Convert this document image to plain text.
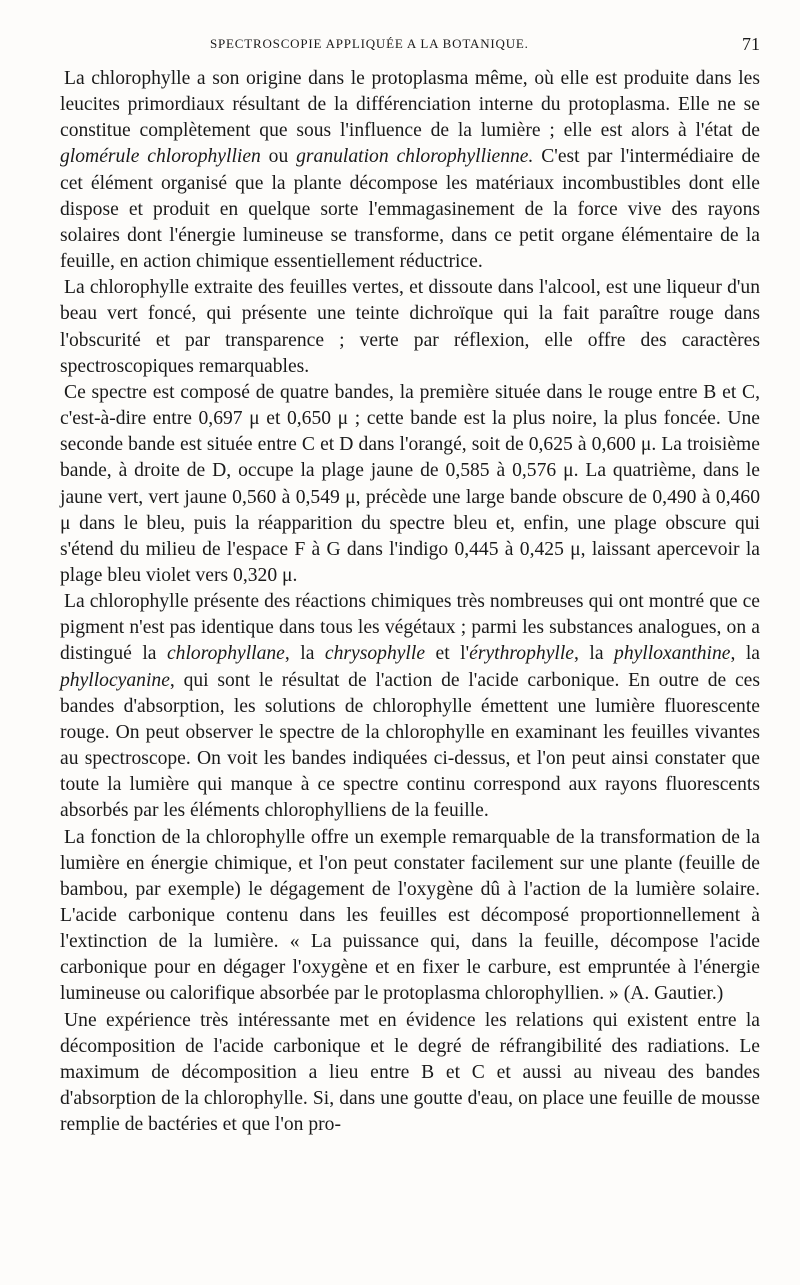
SPECTROSCOPIE APPLIQUÉE A LA BOTANIQUE.	71

La chlorophylle a son origine dans le protoplasma même, où elle est produite dans les leucites primordiaux résultant de la différenciation interne du protoplasma. Elle ne se constitue complètement que sous l'influence de la lumière ; elle est alors à l'état de glomérule chlorophyllien ou granulation chlorophyllienne. C'est par l'intermédiaire de cet élément organisé que la plante décompose les matériaux incombustibles dont elle dispose et produit en quelque sorte l'emmagasinement de la force vive des rayons solaires dont l'énergie lumineuse se transforme, dans ce petit organe élémentaire de la feuille, en action chimique essentiellement réductrice.

La chlorophylle extraite des feuilles vertes, et dissoute dans l'alcool, est une liqueur d'un beau vert foncé, qui présente une teinte dichroïque qui la fait paraître rouge dans l'obscurité et par transparence ; verte par réflexion, elle offre des caractères spectroscopiques remarquables.

Ce spectre est composé de quatre bandes, la première située dans le rouge entre B et C, c'est-à-dire entre 0,697 μ et 0,650 μ ; cette bande est la plus noire, la plus foncée. Une seconde bande est située entre C et D dans l'orangé, soit de 0,625 à 0,600 μ. La troisième bande, à droite de D, occupe la plage jaune de 0,585 à 0,576 μ. La quatrième, dans le jaune vert, vert jaune 0,560 à 0,549 μ, précède une large bande obscure de 0,490 à 0,460 μ dans le bleu, puis la réapparition du spectre bleu et, enfin, une plage obscure qui s'étend du milieu de l'espace F à G dans l'indigo 0,445 à 0,425 μ, laissant apercevoir la plage bleu violet vers 0,320 μ.

La chlorophylle présente des réactions chimiques très nombreuses qui ont montré que ce pigment n'est pas identique dans tous les végétaux ; parmi les substances analogues, on a distingué la chlorophyllane, la chrysophylle et l'érythrophylle, la phylloxanthine, la phyllocyanine, qui sont le résultat de l'action de l'acide carbonique. En outre de ces bandes d'absorption, les solutions de chlorophylle émettent une lumière fluorescente rouge. On peut observer le spectre de la chlorophylle en examinant les feuilles vivantes au spectroscope. On voit les bandes indiquées ci-dessus, et l'on peut ainsi constater que toute la lumière qui manque à ce spectre continu correspond aux rayons fluorescents absorbés par les éléments chlorophylliens de la feuille.

La fonction de la chlorophylle offre un exemple remarquable de la transformation de la lumière en énergie chimique, et l'on peut constater facilement sur une plante (feuille de bambou, par exemple) le dégagement de l'oxygène dû à l'action de la lumière solaire. L'acide carbonique contenu dans les feuilles est décomposé proportionnellement à l'extinction de la lumière. « La puissance qui, dans la feuille, décompose l'acide carbonique pour en dégager l'oxygène et en fixer le carbure, est empruntée à l'énergie lumineuse ou calorifique absorbée par le protoplasma chlorophyllien. » (A. Gautier.)

Une expérience très intéressante met en évidence les relations qui existent entre la décomposition de l'acide carbonique et le degré de réfrangibilité des radiations. Le maximum de décomposition a lieu entre B et C et aussi au niveau des bandes d'absorption de la chlorophylle. Si, dans une goutte d'eau, on place une feuille de mousse remplie de bactéries et que l'on pro-
